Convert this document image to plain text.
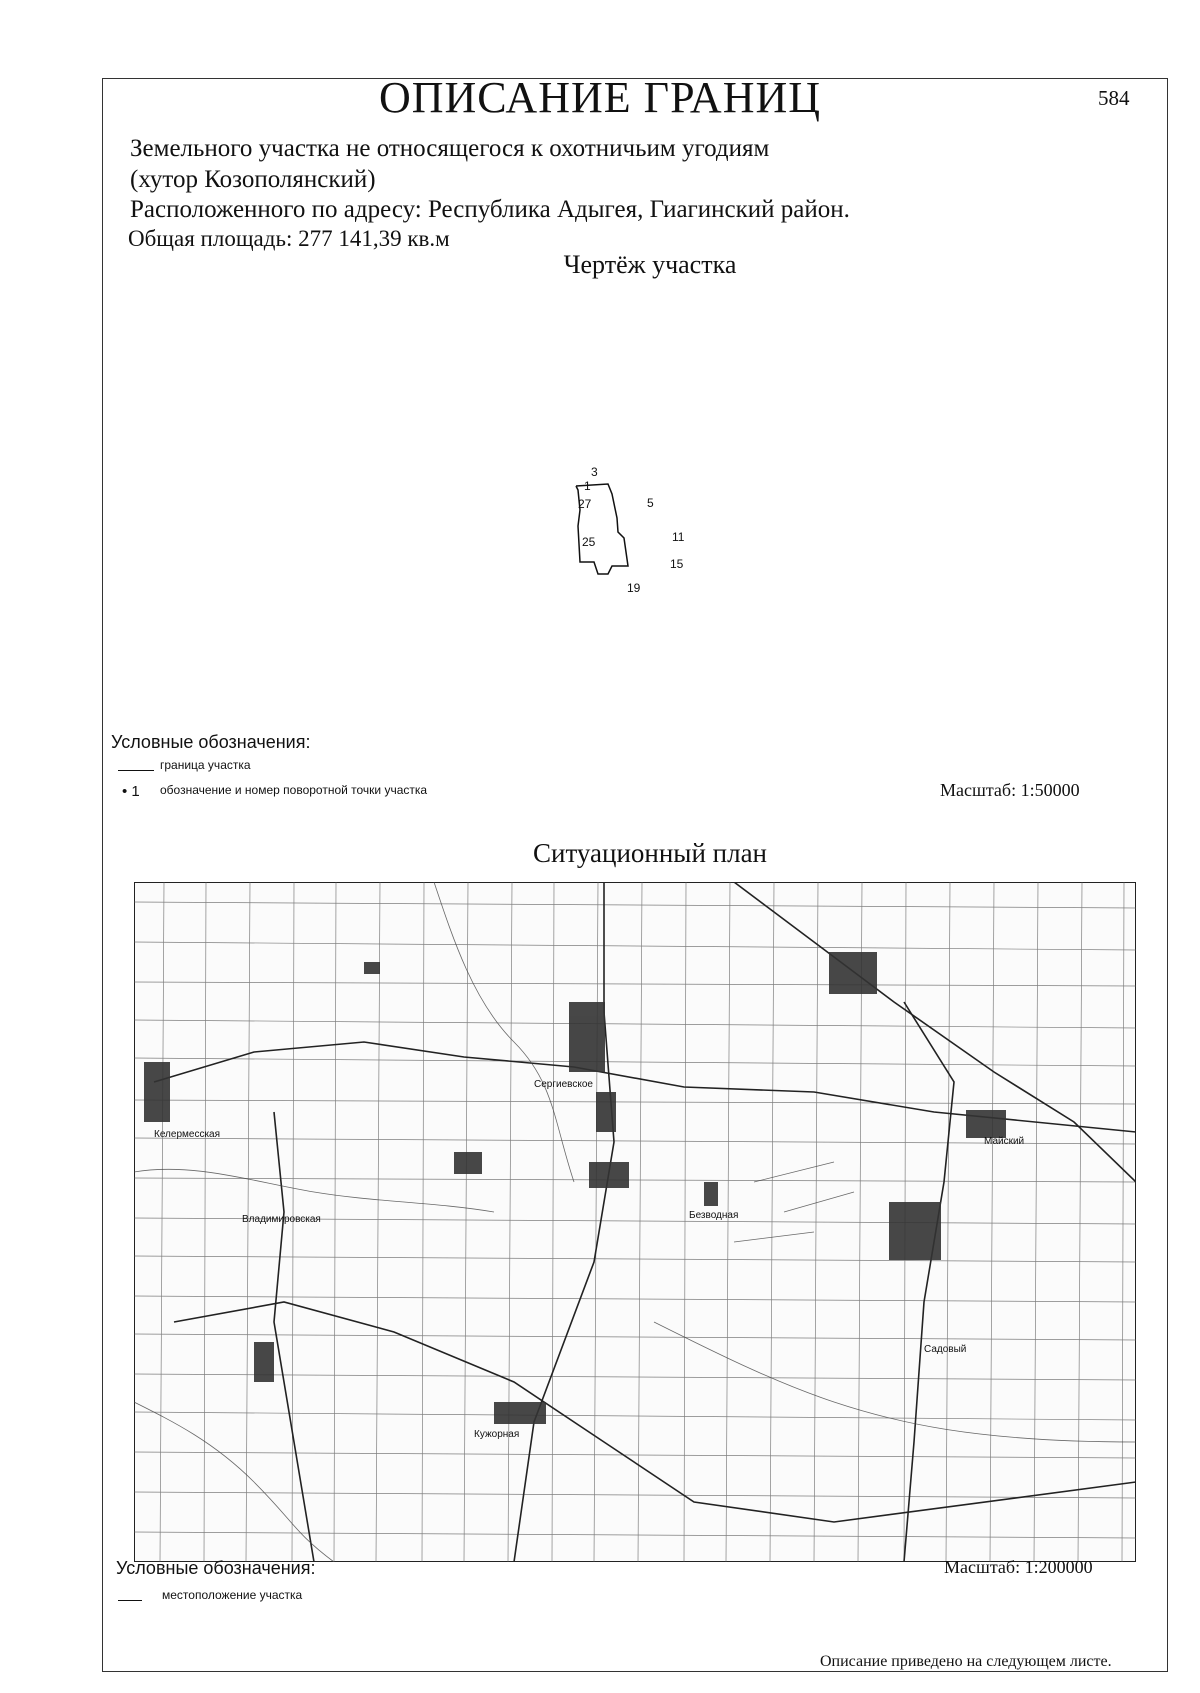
ОПИСАНИЕ ГРАНИЦ	584
Земельного участка не относящегося к охотничьим угодиям
(хутор Козополянский)
Расположенного по адресу: Республика Адыгея, Гиагинский район.
Общая площадь: 277 141,39 кв.м
Чертёж участка
3
1
27	5
25	11
15
19
Условные обозначения:
граница участка
• 1 обозначение и номер поворотной точки участка	Масштаб: 1:50000
Ситуационный план
Сергиевское
Келермесская
Майский
Кужорная
Безводная
Садовый
Владимировская
Условные обозначения:
местоположение участка
Масштаб: 1:200000
Описание приведено на следующем листе.
